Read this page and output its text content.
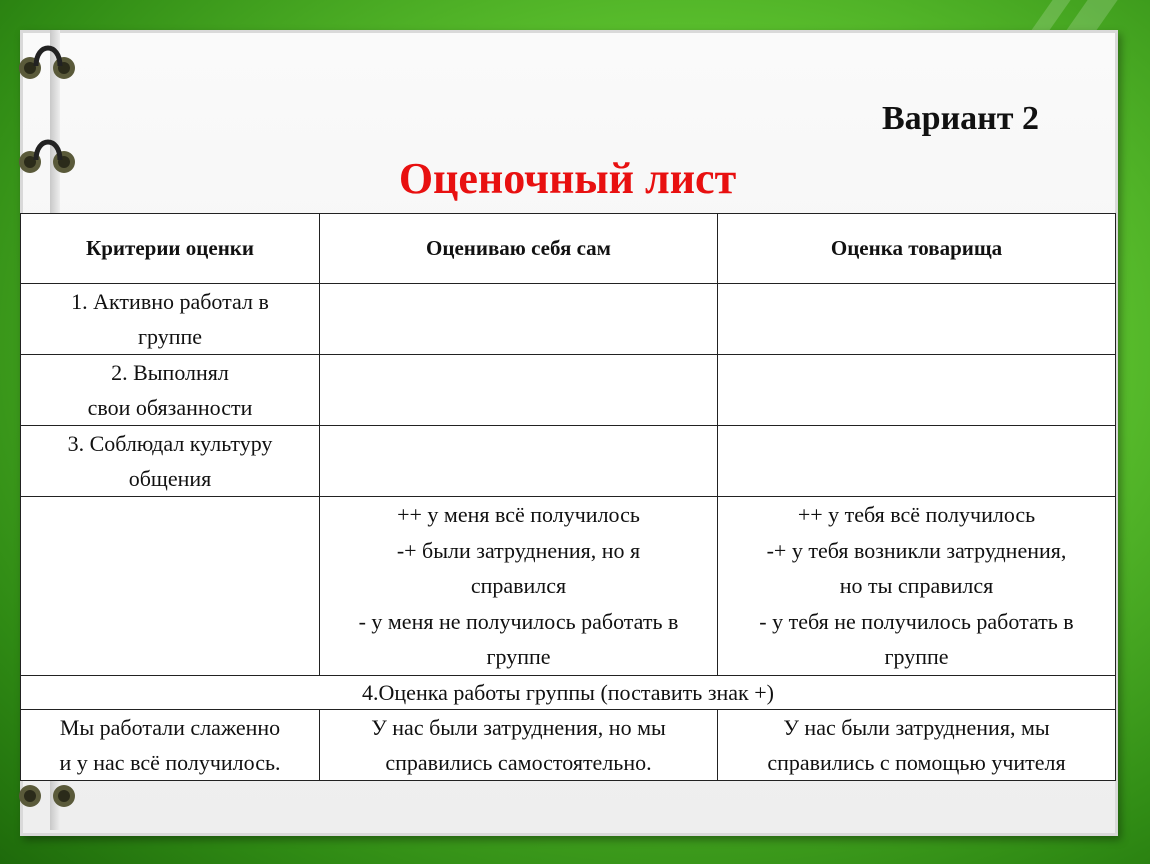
Вариант 2
Оценочный лист
Критерии оценки	Оцениваю себя сам	Оценка товарища

1. Активно работал в
группе		

2. Выполнял
свои обязанности		

3. Соблюдал культуру
общения		

	++ у меня всё получилось
-+ были затруднения, но я
справился
- у меня не получилось работать в
группе	++ у тебя всё получилось
-+ у тебя возникли затруднения,
но ты справился
- у тебя не получилось работать в
группе

4.Оценка работы группы (поставить знак +)		

Мы работали слаженно
и у нас всё получилось.	У нас были затруднения, но мы
справились самостоятельно.	У нас были затруднения, мы
справились с помощью учителя
